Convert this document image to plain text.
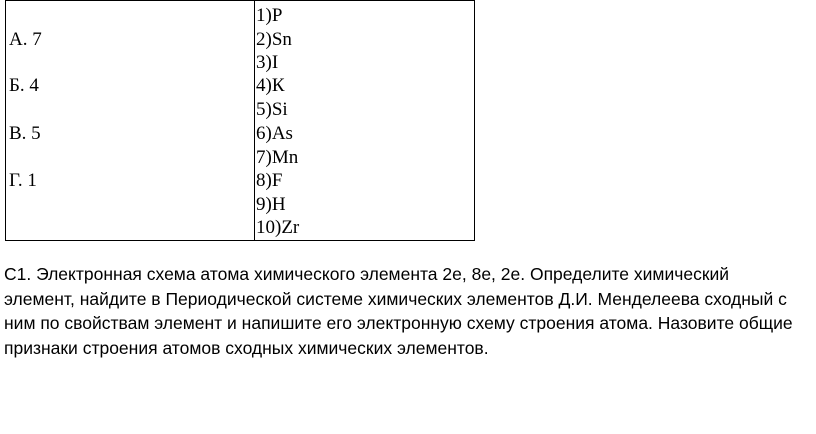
А. 7
Б. 4
В. 5
Г. 1
1)Р
2)Sn
3)I
4)К
5)Si
6)As
7)Mn
8)F
9)Н
10)Zr

С1. Электронная схема атома химического элемента 2е, 8е, 2е. Определите химический элемент, найдите в Периодической системе химических элементов Д.И. Менделеева сходный с ним по свойствам элемент и напишите его электронную схему строения атома. Назовите общие признаки строения атомов сходных химических элементов.
